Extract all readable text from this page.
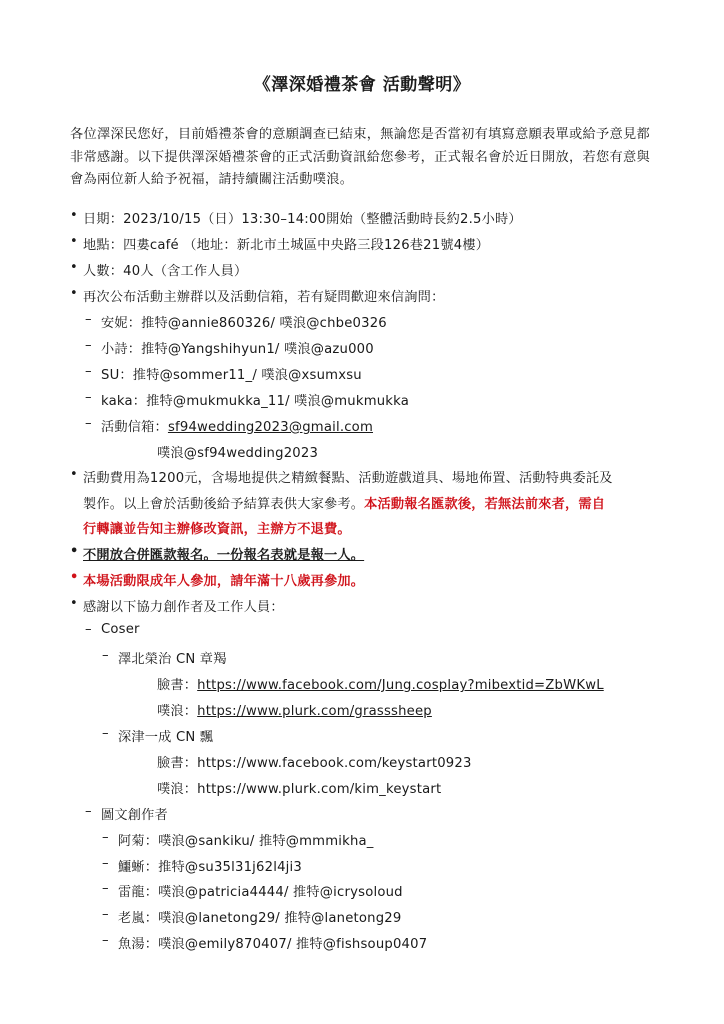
《澤深婚禮茶會 活動聲明》
各位澤深民您好，目前婚禮茶會的意願調查已結束，無論您是否當初有填寫意願表單或給予意見都非常感謝。以下提供澤深婚禮茶會的正式活動資訊給您參考，正式報名會於近日開放，若您有意與會為兩位新人給予祝福，請持續關注活動噗浪。
• 日期：2023/10/15（日）13:30–14:00開始（整體活動時長約2.5小時）
• 地點：四婁café （地址：新北市土城區中央路三段126巷21號4樓）
• 人數：40人（含工作人員）
• 再次公布活動主辦群以及活動信箱，若有疑問歡迎來信詢問：
– 安妮：推特@annie860326/ 噗浪@chbe0326
– 小詩：推特@Yangshihyun1/ 噗浪@azu000
– SU：推特@sommer11_/ 噗浪@xsumxsu
– kaka：推特@mukmukka_11/ 噗浪@mukmukka
– 活動信箱：sf94wedding2023@gmail.com
噗浪@sf94wedding2023
• 活動費用為1200元，含場地提供之精緻餐點、活動遊戲道具、場地佈置、活動特典委託及
製作。以上會於活動後給予結算表供大家參考。本活動報名匯款後，若無法前來者，需自
行轉讓並告知主辦修改資訊，主辦方不退費。
• 不開放合併匯款報名。一份報名表就是報一人。
• 本場活動限成年人參加，請年滿十八歲再參加。
• 感謝以下協力創作者及工作人員：
– Coser
– 澤北榮治 CN 章羯
臉書：https://www.facebook.com/Jung.cosplay?mibextid=ZbWKwL
噗浪：https://www.plurk.com/grasssheep
– 深津一成 CN 飄
臉書：https://www.facebook.com/keystart0923
噗浪：https://www.plurk.com/kim_keystart
– 圖文創作者
– 阿菊：噗浪@sankiku/ 推特@mmmikha_
– 鱷蜥：推特@su35l31j62l4ji3
– 雷龍：噗浪@patricia4444/ 推特@icrysoloud
– 老嵐：噗浪@lanetong29/ 推特@lanetong29
– 魚湯：噗浪@emily870407/ 推特@fishsoup0407
